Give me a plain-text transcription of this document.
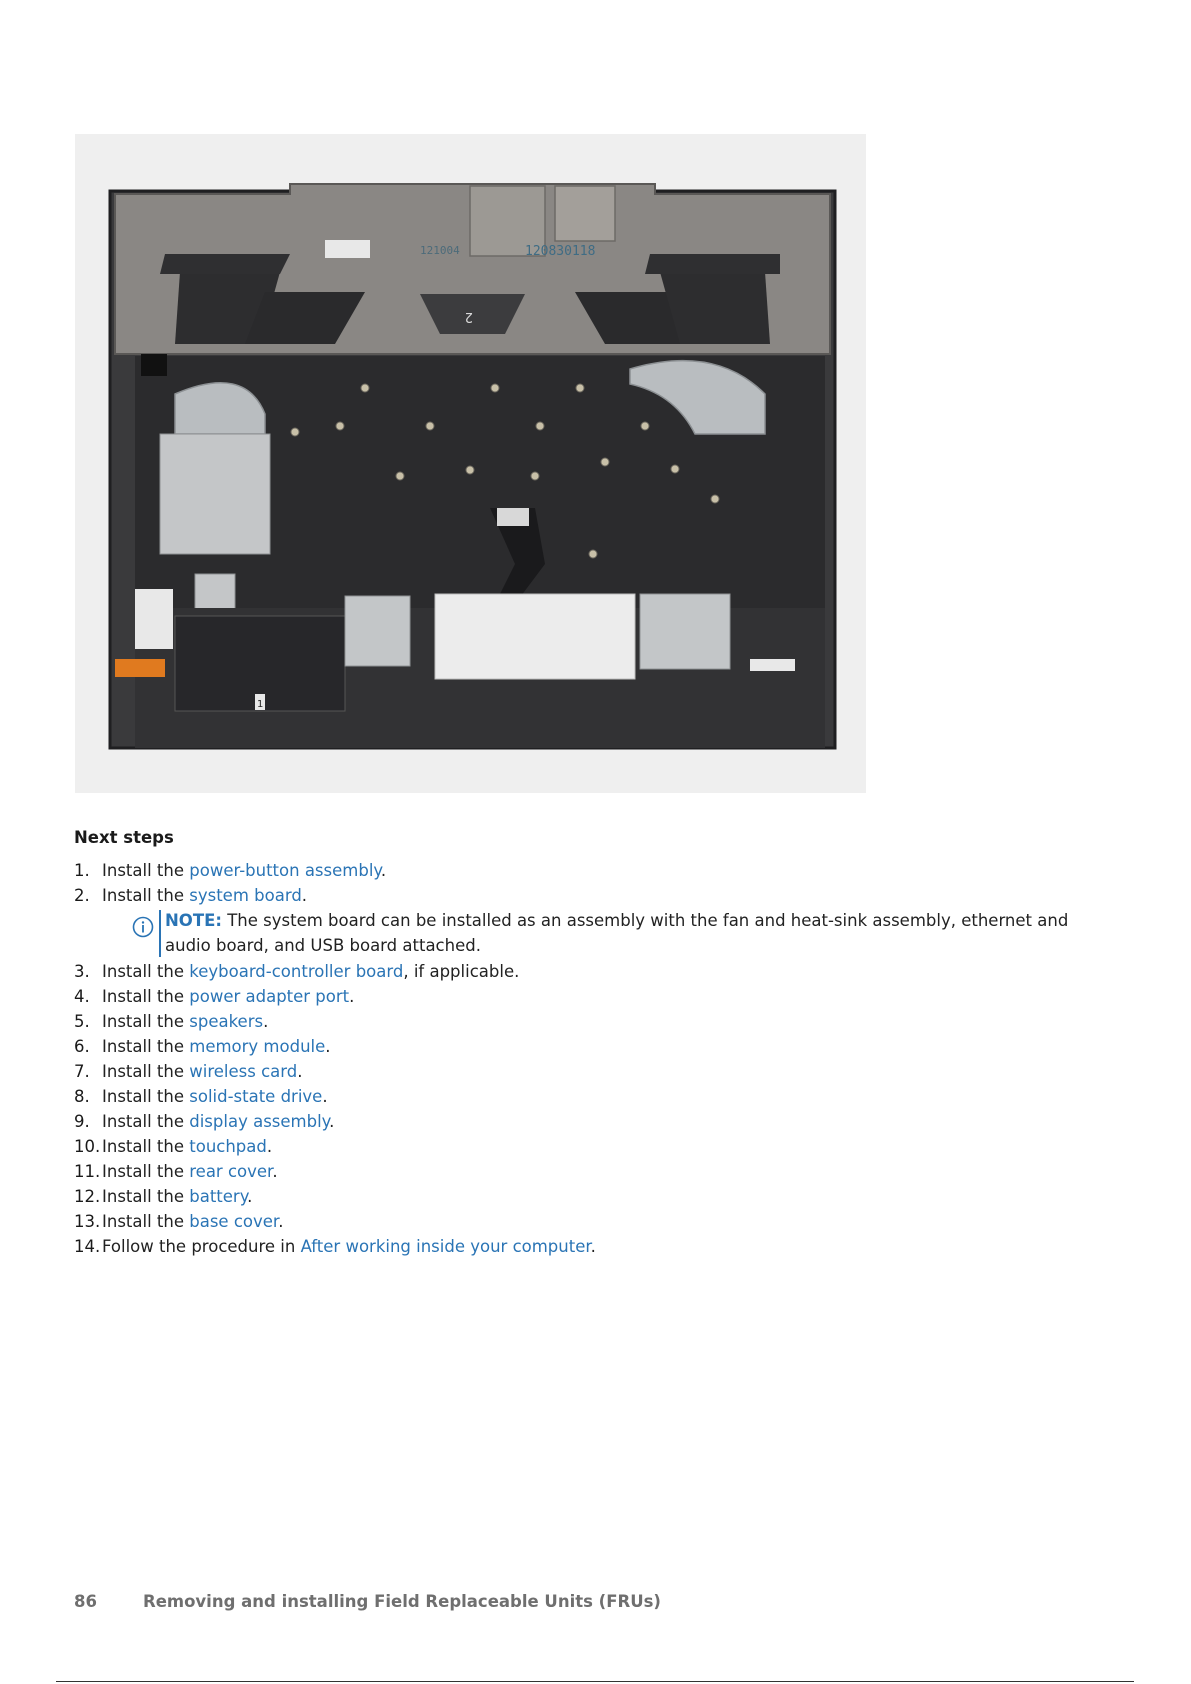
121004	120830118
2
1
Next steps
1. Install the power-button assembly.
2. Install the system board.
NOTE: The system board can be installed as an assembly with the fan and heat-sink assembly, ethernet and audio board, and USB board attached.
3. Install the keyboard-controller board, if applicable.
4. Install the power adapter port.
5. Install the speakers.
6. Install the memory module.
7. Install the wireless card.
8. Install the solid-state drive.
9. Install the display assembly.
10. Install the touchpad.
11. Install the rear cover.
12. Install the battery.
13. Install the base cover.
14. Follow the procedure in After working inside your computer.
86	Removing and installing Field Replaceable Units (FRUs)
